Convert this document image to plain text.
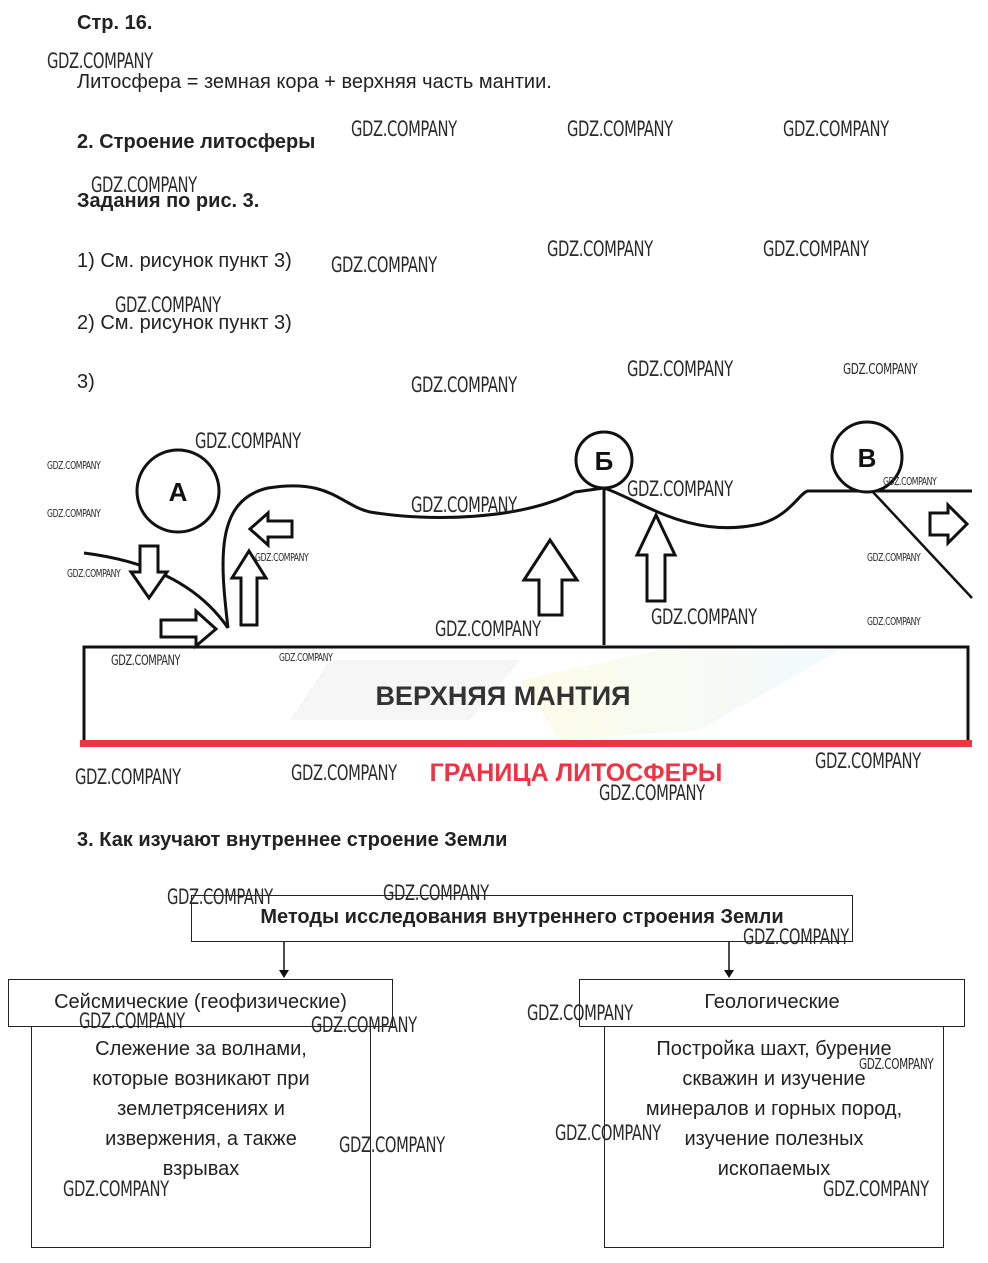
Стр. 16.
Литосфера = земная кора + верхняя часть мантии.
2. Строение литосферы
Задания по рис. 3.
1) См. рисунок пункт 3)
2) См. рисунок пункт 3)
3)
А
Б	В
ВЕРХНЯЯ МАНТИЯ
ГРАНИЦА ЛИТОСФЕРЫ
3. Как изучают внутреннее строение Земли
Методы исследования внутреннего строения Земли
Сейсмические (геофизические)
Слежение за волнами,
которые возникают при
землетрясениях и
извержения, а также
взрывах
Геологические
Постройка шахт, бурение
скважин и изучение
минералов и горных пород,
изучение полезных
ископаемых
GDZ.COMPANY
GDZ.COMPANY	GDZ.COMPANY	GDZ.COMPANY
GDZ.COMPANY
GDZ.COMPANY	GDZ.COMPANY
GDZ.COMPANY
GDZ.COMPANY
GDZ.COMPANY	GDZ.COMPANY
GDZ.COMPANY
GDZ.COMPANY
GDZ.COMPANY
GDZ.COMPANY
GDZ.COMPANY
GDZ.COMPANY
GDZ.COMPANY
GDZ.COMPANY	GDZ.COMPANY
GDZ.COMPANY
GDZ.COMPANY	GDZ.COMPANY
GDZ.COMPANY
GDZ.COMPANY
GDZ.COMPANY
GDZ.COMPANY
GDZ.COMPANY
GDZ.COMPANY
GDZ.COMPANY
GDZ.COMPANY
GDZ.COMPANY
GDZ.COMPANY
GDZ.COMPANY
GDZ.COMPANY	GDZ.COMPANY
GDZ.COMPANY
GDZ.COMPANY
GDZ.COMPANY
GDZ.COMPANY	GDZ.COMPANY
